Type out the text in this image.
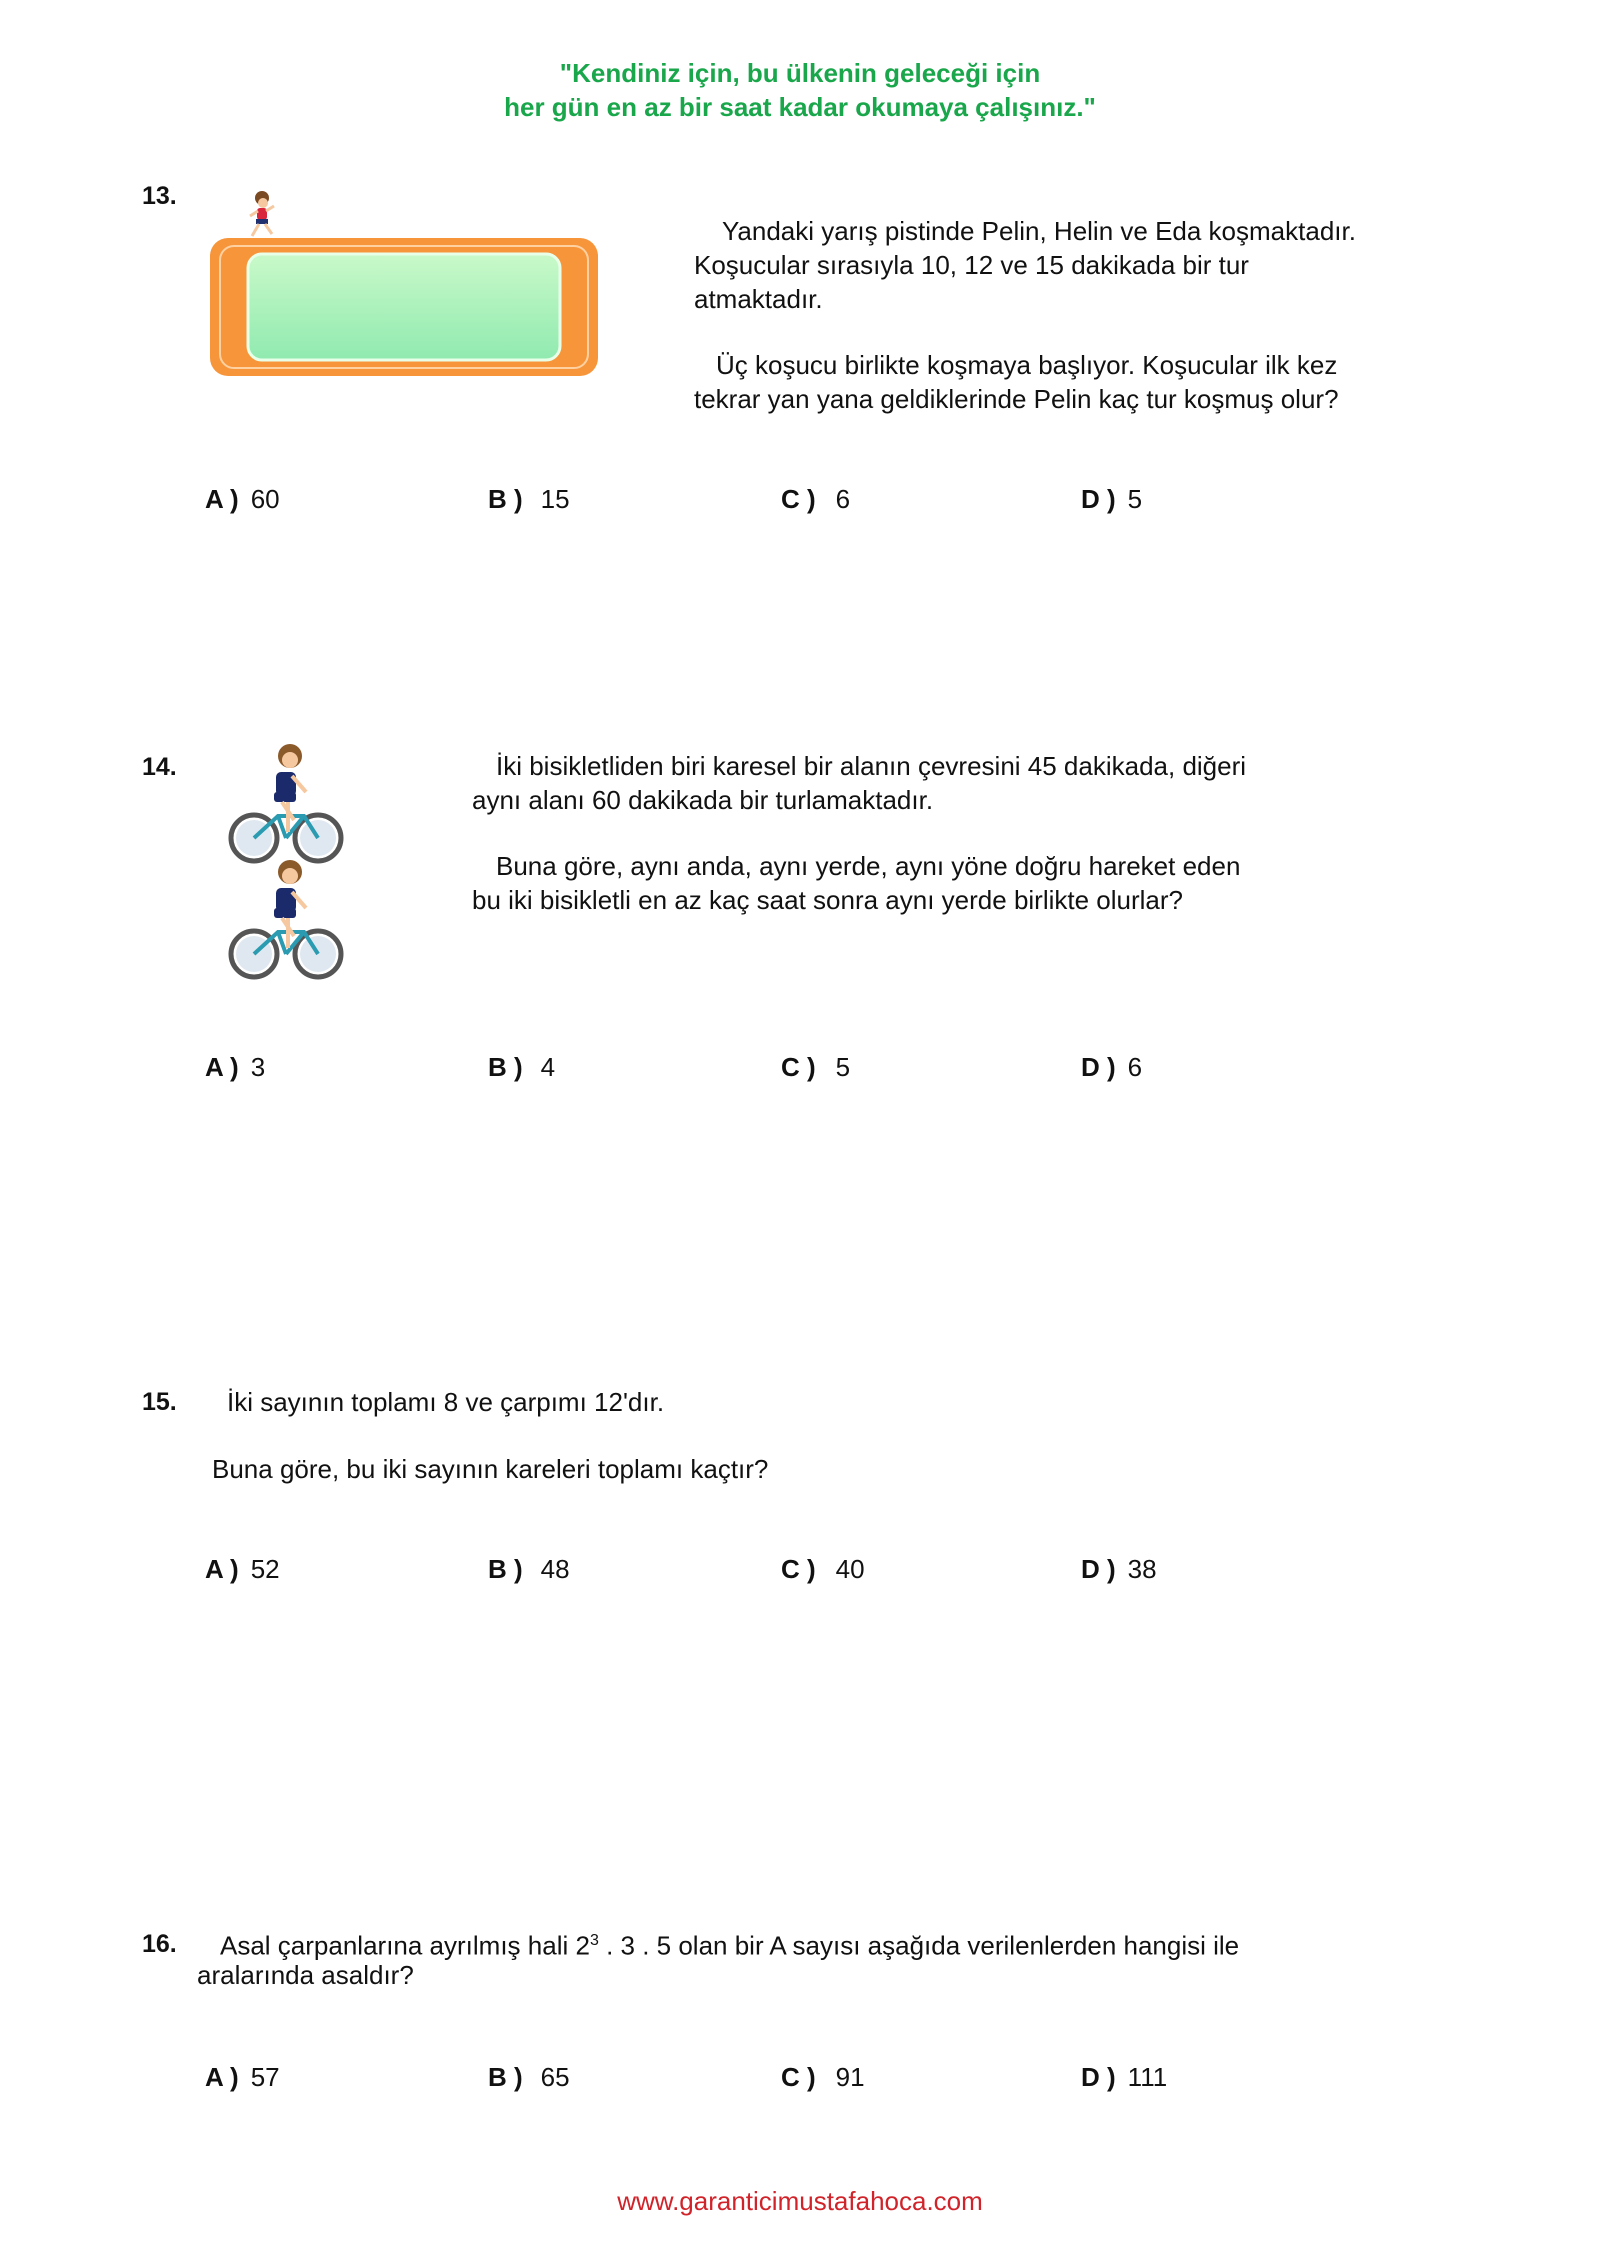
"Kendiniz için, bu ülkenin geleceği için
her gün en az bir saat kadar okumaya çalışınız."
13.

Yandaki yarış pistinde Pelin, Helin ve Eda koşmaktadır.

Koşucular sırasıyla 10, 12 ve 15 dakikada bir tur

atmaktadır.

Üç koşucu birlikte koşmaya başlıyor. Koşucular ilk kez

tekrar yan yana geldiklerinde Pelin kaç tur koşmuş olur?

A ) 60	B ) 15	C ) 6	D ) 5
14.	İki bisikletliden biri karesel bir alanın çevresini 45 dakikada, diğeri

aynı alanı 60 dakikada bir turlamaktadır.

Buna göre, aynı anda, aynı yerde, aynı yöne doğru hareket eden

bu iki bisikletli en az kaç saat sonra aynı yerde birlikte olurlar?

A ) 3	B ) 4	C ) 5	D ) 6
15. İki sayının toplamı 8 ve çarpımı 12'dır.
Buna göre, bu iki sayının kareleri toplamı kaçtır?
A ) 52	B ) 48	C ) 40	D ) 38
16. Asal çarpanlarına ayrılmış hali $2^3$ . 3 . 5 olan bir A sayısı aşağıda verilenlerden hangisi ile
aralarında asaldır?
A ) 57	B ) 65	C ) 91	D ) 111
www.garanticimustafahoca.com
